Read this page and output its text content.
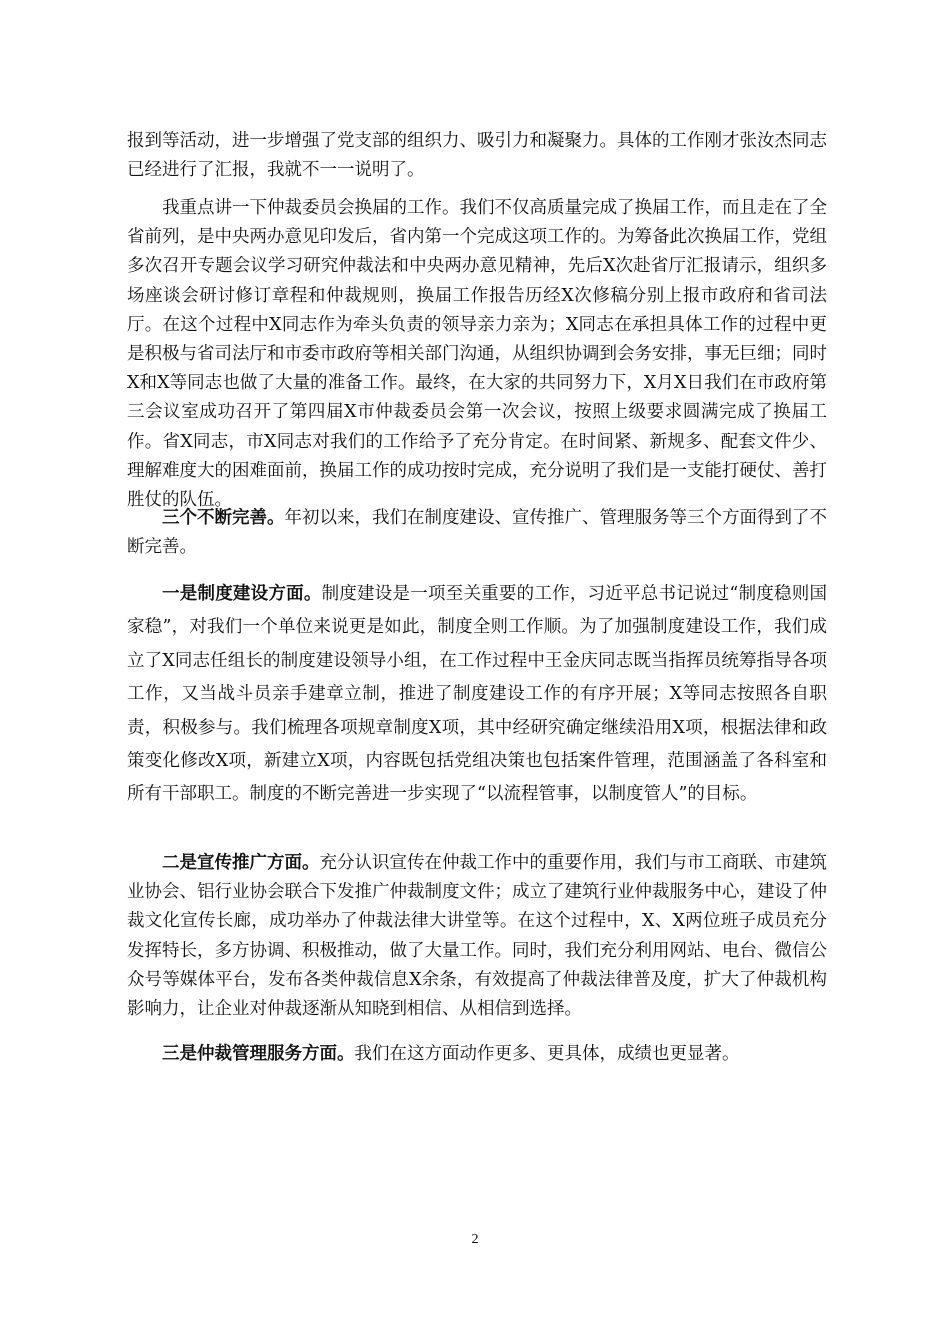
报到等活动，进一步增强了党支部的组织力、吸引力和凝聚力。具体的工作刚才张汝杰同志已经进行了汇报，我就不一一说明了。

我重点讲一下仲裁委员会换届的工作。我们不仅高质量完成了换届工作，而且走在了全省前列，是中央两办意见印发后，省内第一个完成这项工作的。为筹备此次换届工作，党组多次召开专题会议学习研究仲裁法和中央两办意见精神，先后X次赴省厅汇报请示，组织多场座谈会研讨修订章程和仲裁规则，换届工作报告历经X次修稿分别上报市政府和省司法厅。在这个过程中X同志作为牵头负责的领导亲力亲为；X同志在承担具体工作的过程中更是积极与省司法厅和市委市政府等相关部门沟通，从组织协调到会务安排，事无巨细；同时X和X等同志也做了大量的准备工作。最终，在大家的共同努力下，X月X日我们在市政府第三会议室成功召开了第四届X市仲裁委员会第一次会议，按照上级要求圆满完成了换届工作。省X同志，市X同志对我们的工作给予了充分肯定。在时间紧、新规多、配套文件少、理解难度大的困难面前，换届工作的成功按时完成，充分说明了我们是一支能打硬仗、善打胜仗的队伍。

三个不断完善。年初以来，我们在制度建设、宣传推广、管理服务等三个方面得到了不断完善。

一是制度建设方面。制度建设是一项至关重要的工作，习近平总书记说过“制度稳则国家稳”，对我们一个单位来说更是如此，制度全则工作顺。为了加强制度建设工作，我们成立了X同志任组长的制度建设领导小组，在工作过程中王金庆同志既当指挥员统筹指导各项工作，又当战斗员亲手建章立制，推进了制度建设工作的有序开展；X等同志按照各自职责，积极参与。我们梳理各项规章制度X项，其中经研究确定继续沿用X项，根据法律和政策变化修改X项，新建立X项，内容既包括党组决策也包括案件管理，范围涵盖了各科室和所有干部职工。制度的不断完善进一步实现了“以流程管事，以制度管人”的目标。

二是宣传推广方面。充分认识宣传在仲裁工作中的重要作用，我们与市工商联、市建筑业协会、铝行业协会联合下发推广仲裁制度文件；成立了建筑行业仲裁服务中心，建设了仲裁文化宣传长廊，成功举办了仲裁法律大讲堂等。在这个过程中，X、X两位班子成员充分发挥特长，多方协调、积极推动，做了大量工作。同时，我们充分利用网站、电台、微信公众号等媒体平台，发布各类仲裁信息X余条，有效提高了仲裁法律普及度，扩大了仲裁机构影响力，让企业对仲裁逐渐从知晓到相信、从相信到选择。

三是仲裁管理服务方面。我们在这方面动作更多、更具体，成绩也更显著。

2
